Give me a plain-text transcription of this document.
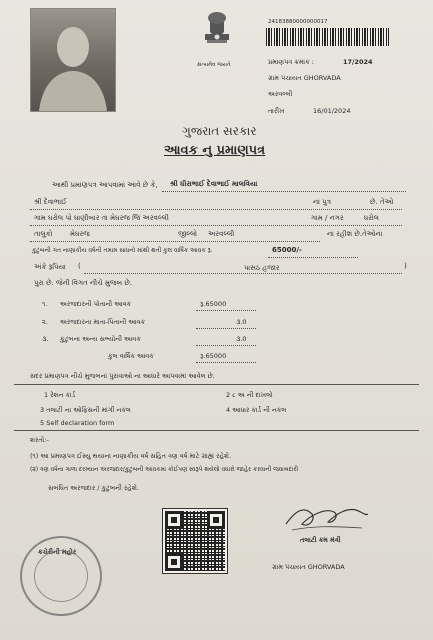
સત્યમેવ જયતે
24183880000000017
પ્રમાણપત્ર ક્રમાંક :	17/2024
ગ્રામ પંચાયત GHORVADA
અરવલ્લી
તારીખ	16/01/2024
ગુજરાત સરકાર
આવક નુ પ્રમાણપત્ર
આથી પ્રમાણપત્ર આપવામાં આવે છે કે, શ્રી ધીરાભાઈ દેવાભાઈ માલવિયા
શ્રી દેવાભાઈ	ના પુત્ર	છે. તેઓ
ગામ ઘરોલ પો ઘાણીબાર તા મેઘરજ જિ અરવલ્લી	ગામ / નગર	ધરોલ
તાલુકો	મેઘરજ	જીલ્લો અરવલ્લી	ના રહીશ છે.તેઓના
કુટુંબની ગત નાણાકીય વર્ષની તમામ સાધનો માંથી થતી કુલ વાર્ષિક આવક રૂ.	65000/-
અંકે રૂપિયા (	પાસઠ હજાર	)
પુરા છે. જેની વિગત નીચે મુજબ છે.
૧. અરજદારની પોતાની આવક	રૂ.65000
૨. અરજદારના માતા-પિતાની આવક	૩.0
૩. કુટુંબના અન્ય સભ્યોની આવક	૩.0
કુલ વાર્ષિક આવક	રૂ.65000
સદર પ્રમાણપત્ર નીચે મુજબનાં પુરાવાઓ ના આધારે આપવામાં આવેલ છે.
1 રેશન કાર્ડ	2 ૮ અ ની દાખલો
3 તલાટી ના ઓફિસની માંગી નકલ	4 આધાર કાર્ડ ની નકલ
5 Self declaration form
શરતો:-
(૧) આ પ્રમાણપત્ર ઈસ્યુ થયાના નાણાકીય વર્ષ સહિત ત્રણ વર્ષ માટે ગ્રાહ્ય રહેશે.
(૨) ત્રણ વર્ષના ગાળા દરમ્યાન અરજદાર/કુટુંબની આવકમાં કોઈપણ સ્વરૂપે થયેલો વધારો જાહેર કરવાની જવાબદારી
સબંધિત અરજદાર / કુટુંબની રહેશે.
તલાટી કમ મંત્રી
ગ્રામ પંચાયત GHORVADA
કચેરીની મહોર
